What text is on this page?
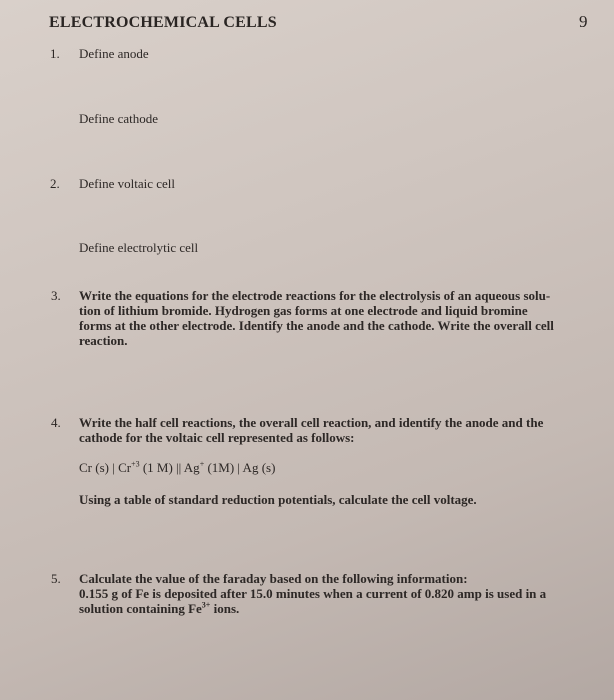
ELECTROCHEMICAL CELLS	9
1. Define anode
Define cathode
2. Define voltaic cell
Define electrolytic cell
3. Write the equations for the electrode reactions for the electrolysis of an aqueous solu-
tion of lithium bromide. Hydrogen gas forms at one electrode and liquid bromine
forms at the other electrode. Identify the anode and the cathode. Write the overall cell
reaction.
4. Write the half cell reactions, the overall cell reaction, and identify the anode and the
cathode for the voltaic cell represented as follows:
Cr (s) | $Cr^{+3}$ (1 M) || Ag+ (1M) | Ag (s)
Using a table of standard reduction potentials, calculate the cell voltage.
5. Calculate the value of the faraday based on the following information:
0.155 g of Fe is deposited after 15.0 minutes when a current of 0.820 amp is used in a
solution containing $Fe^{3+}$ ions.
